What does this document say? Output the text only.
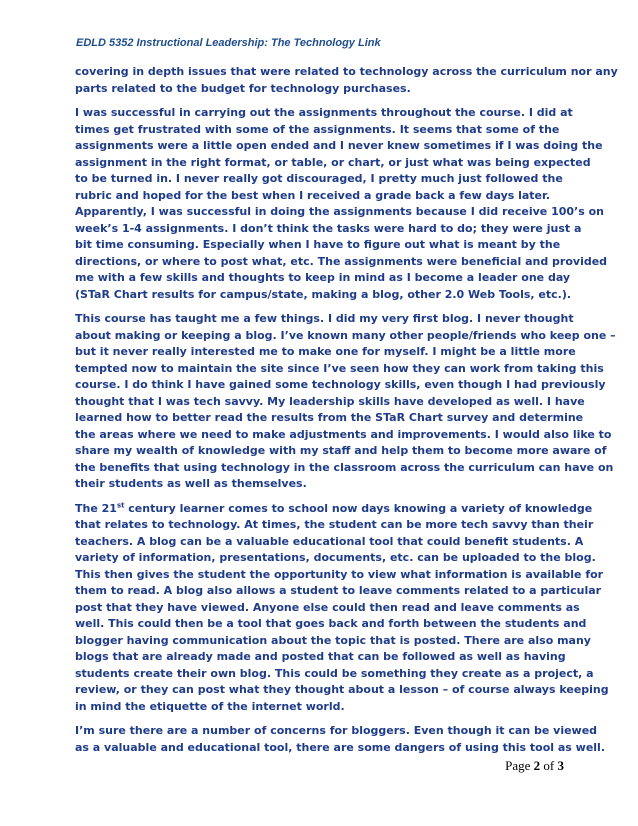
EDLD 5352 Instructional Leadership: The Technology Link
covering in depth issues that were related to technology across the curriculum nor any
parts related to the budget for technology purchases.
I was successful in carrying out the assignments throughout the course. I did at
times get frustrated with some of the assignments. It seems that some of the
assignments were a little open ended and I never knew sometimes if I was doing the
assignment in the right format, or table, or chart, or just what was being expected
to be turned in. I never really got discouraged, I pretty much just followed the
rubric and hoped for the best when I received a grade back a few days later.
Apparently, I was successful in doing the assignments because I did receive 100’s on
week’s 1-4 assignments. I don’t think the tasks were hard to do; they were just a
bit time consuming. Especially when I have to figure out what is meant by the
directions, or where to post what, etc. The assignments were beneficial and provided
me with a few skills and thoughts to keep in mind as I become a leader one day
(STaR Chart results for campus/state, making a blog, other 2.0 Web Tools, etc.).
This course has taught me a few things. I did my very first blog. I never thought
about making or keeping a blog. I’ve known many other people/friends who keep one –
but it never really interested me to make one for myself. I might be a little more
tempted now to maintain the site since I’ve seen how they can work from taking this
course. I do think I have gained some technology skills, even though I had previously
thought that I was tech savvy. My leadership skills have developed as well. I have
learned how to better read the results from the STaR Chart survey and determine
the areas where we need to make adjustments and improvements. I would also like to
share my wealth of knowledge with my staff and help them to become more aware of
the benefits that using technology in the classroom across the curriculum can have on
their students as well as themselves.
The 21st century learner comes to school now days knowing a variety of knowledge
that relates to technology. At times, the student can be more tech savvy than their
teachers. A blog can be a valuable educational tool that could benefit students. A
variety of information, presentations, documents, etc. can be uploaded to the blog.
This then gives the student the opportunity to view what information is available for
them to read. A blog also allows a student to leave comments related to a particular
post that they have viewed. Anyone else could then read and leave comments as
well. This could then be a tool that goes back and forth between the students and
blogger having communication about the topic that is posted. There are also many
blogs that are already made and posted that can be followed as well as having
students create their own blog. This could be something they create as a project, a
review, or they can post what they thought about a lesson – of course always keeping
in mind the etiquette of the internet world.
I’m sure there are a number of concerns for bloggers. Even though it can be viewed
as a valuable and educational tool, there are some dangers of using this tool as well.
Page 2 of 3
